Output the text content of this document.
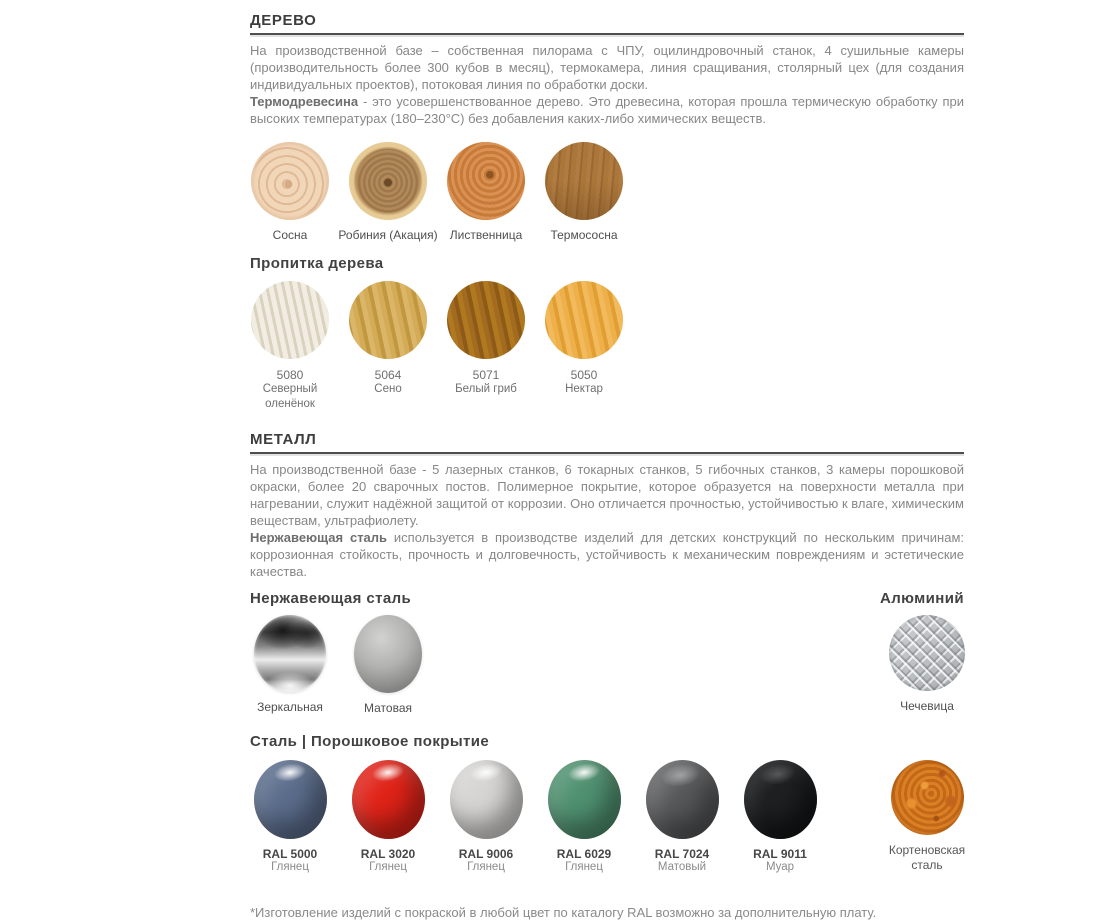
ДЕРЕВО
На производственной базе – собственная пилорама с ЧПУ, оцилиндровочный станок, 4 сушильные камеры (производительность более 300 кубов в месяц), термокамера, линия сращивания, столярный цех (для создания индивидуальных проектов), потоковая линия по обработки доски.
Термодревесина - это усовершенствованное дерево. Это древесина, которая прошла термическую обработку при высоких температурах (180–230°С) без добавления каких-либо химических веществ.
Сосна	Робиния (Акация) Лиственница Термососна
Пропитка дерева
5080
Северный оленёнок
5064
Сено
5071
Белый гриб
5050
Нектар
МЕТАЛЛ
На производственной базе - 5 лазерных станков, 6 токарных станков, 5 гибочных станков, 3 камеры порошковой окраски, более 20 сварочных постов. Полимерное покрытие, которое образуется на поверхности металла при нагревании, служит надёжной защитой от коррозии. Оно отличается прочностью, устойчивостью к влаге, химическим веществам, ультрафиолету.
Нержавеющая сталь используется в производстве изделий для детских конструкций по нескольким причинам: коррозионная стойкость, прочность и долговечность, устойчивость к механическим повреждениям и эстетические качества.
Нержавеющая сталь	Алюминий
Зеркальная	Матовая	Чечевица
Сталь | Порошковое покрытие
RAL 5000
Глянец
RAL 3020
Глянец
RAL 9006
Глянец
RAL 6029
Глянец
RAL 7024
Матовый
RAL 9011
Муар
Кортеновская сталь
*Изготовление изделий с покраской в любой цвет по каталогу RAL возможно за дополнительную плату.
